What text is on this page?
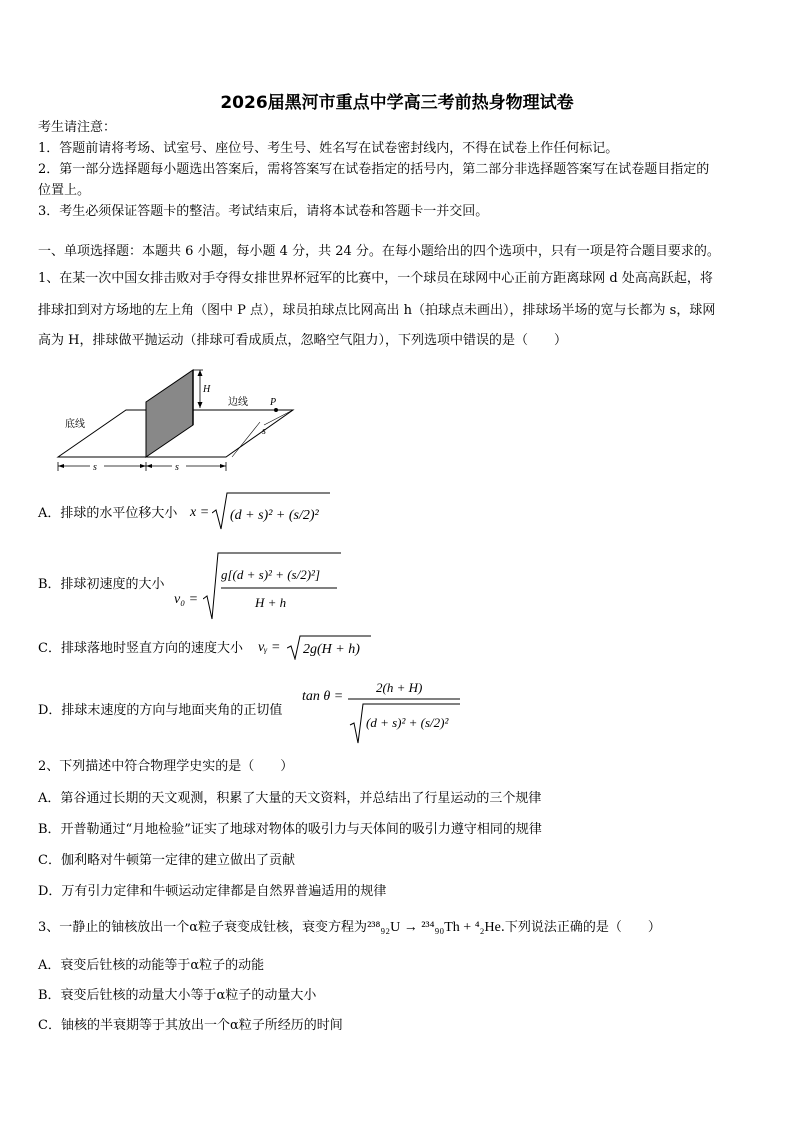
2026届黑河市重点中学高三考前热身物理试卷
考生请注意：
1．答题前请将考场、试室号、座位号、考生号、姓名写在试卷密封线内，不得在试卷上作任何标记。
2．第一部分选择题每小题选出答案后，需将答案写在试卷指定的括号内，第二部分非选择题答案写在试卷题目指定的
位置上。
3．考生必须保证答题卡的整洁。考试结束后，请将本试卷和答题卡一并交回。
一、单项选择题：本题共 6 小题，每小题 4 分，共 24 分。在每小题给出的四个选项中，只有一项是符合题目要求的。
1、在某一次中国女排击败对手夺得女排世界杯冠军的比赛中，一个球员在球网中心正前方距离球网 d 处高高跃起，将
排球扣到对方场地的左上角（图中 P 点），球员拍球点比网高出 h（拍球点未画出），排球场半场的宽与长都为 s，球网
高为 H，排球做平抛运动（排球可看成质点，忽略空气阻力），下列选项中错误的是（　　）
底线
边线 P
H
s
s	s
A．排球的水平位移大小 x = (d + s)² + (s/2)²
B．排球初速度的大小
v₀ =
g[(d + s)² + (s/2)²]
H + h
C．排球落地时竖直方向的速度大小 vᵧ = 2g(H + h)
D．排球末速度的方向与地面夹角的正切值
tan θ =
2(h + H)
(d + s)² + (s/2)²
2、下列描述中符合物理学史实的是（　　）
A．第谷通过长期的天文观测，积累了大量的天文资料，并总结出了行星运动的三个规律
B．开普勒通过“月地检验”证实了地球对物体的吸引力与天体间的吸引力遵守相同的规律
C．伽利略对牛顿第一定律的建立做出了贡献
D．万有引力定律和牛顿运动定律都是自然界普遍适用的规律
3、一静止的铀核放出一个α粒子衰变成钍核，衰变方程为²³⁸₉₂U → ²³⁴₉₀Th + ⁴₂He.下列说法正确的是（　　）
A．衰变后钍核的动能等于α粒子的动能
B．衰变后钍核的动量大小等于α粒子的动量大小
C．铀核的半衰期等于其放出一个α粒子所经历的时间
